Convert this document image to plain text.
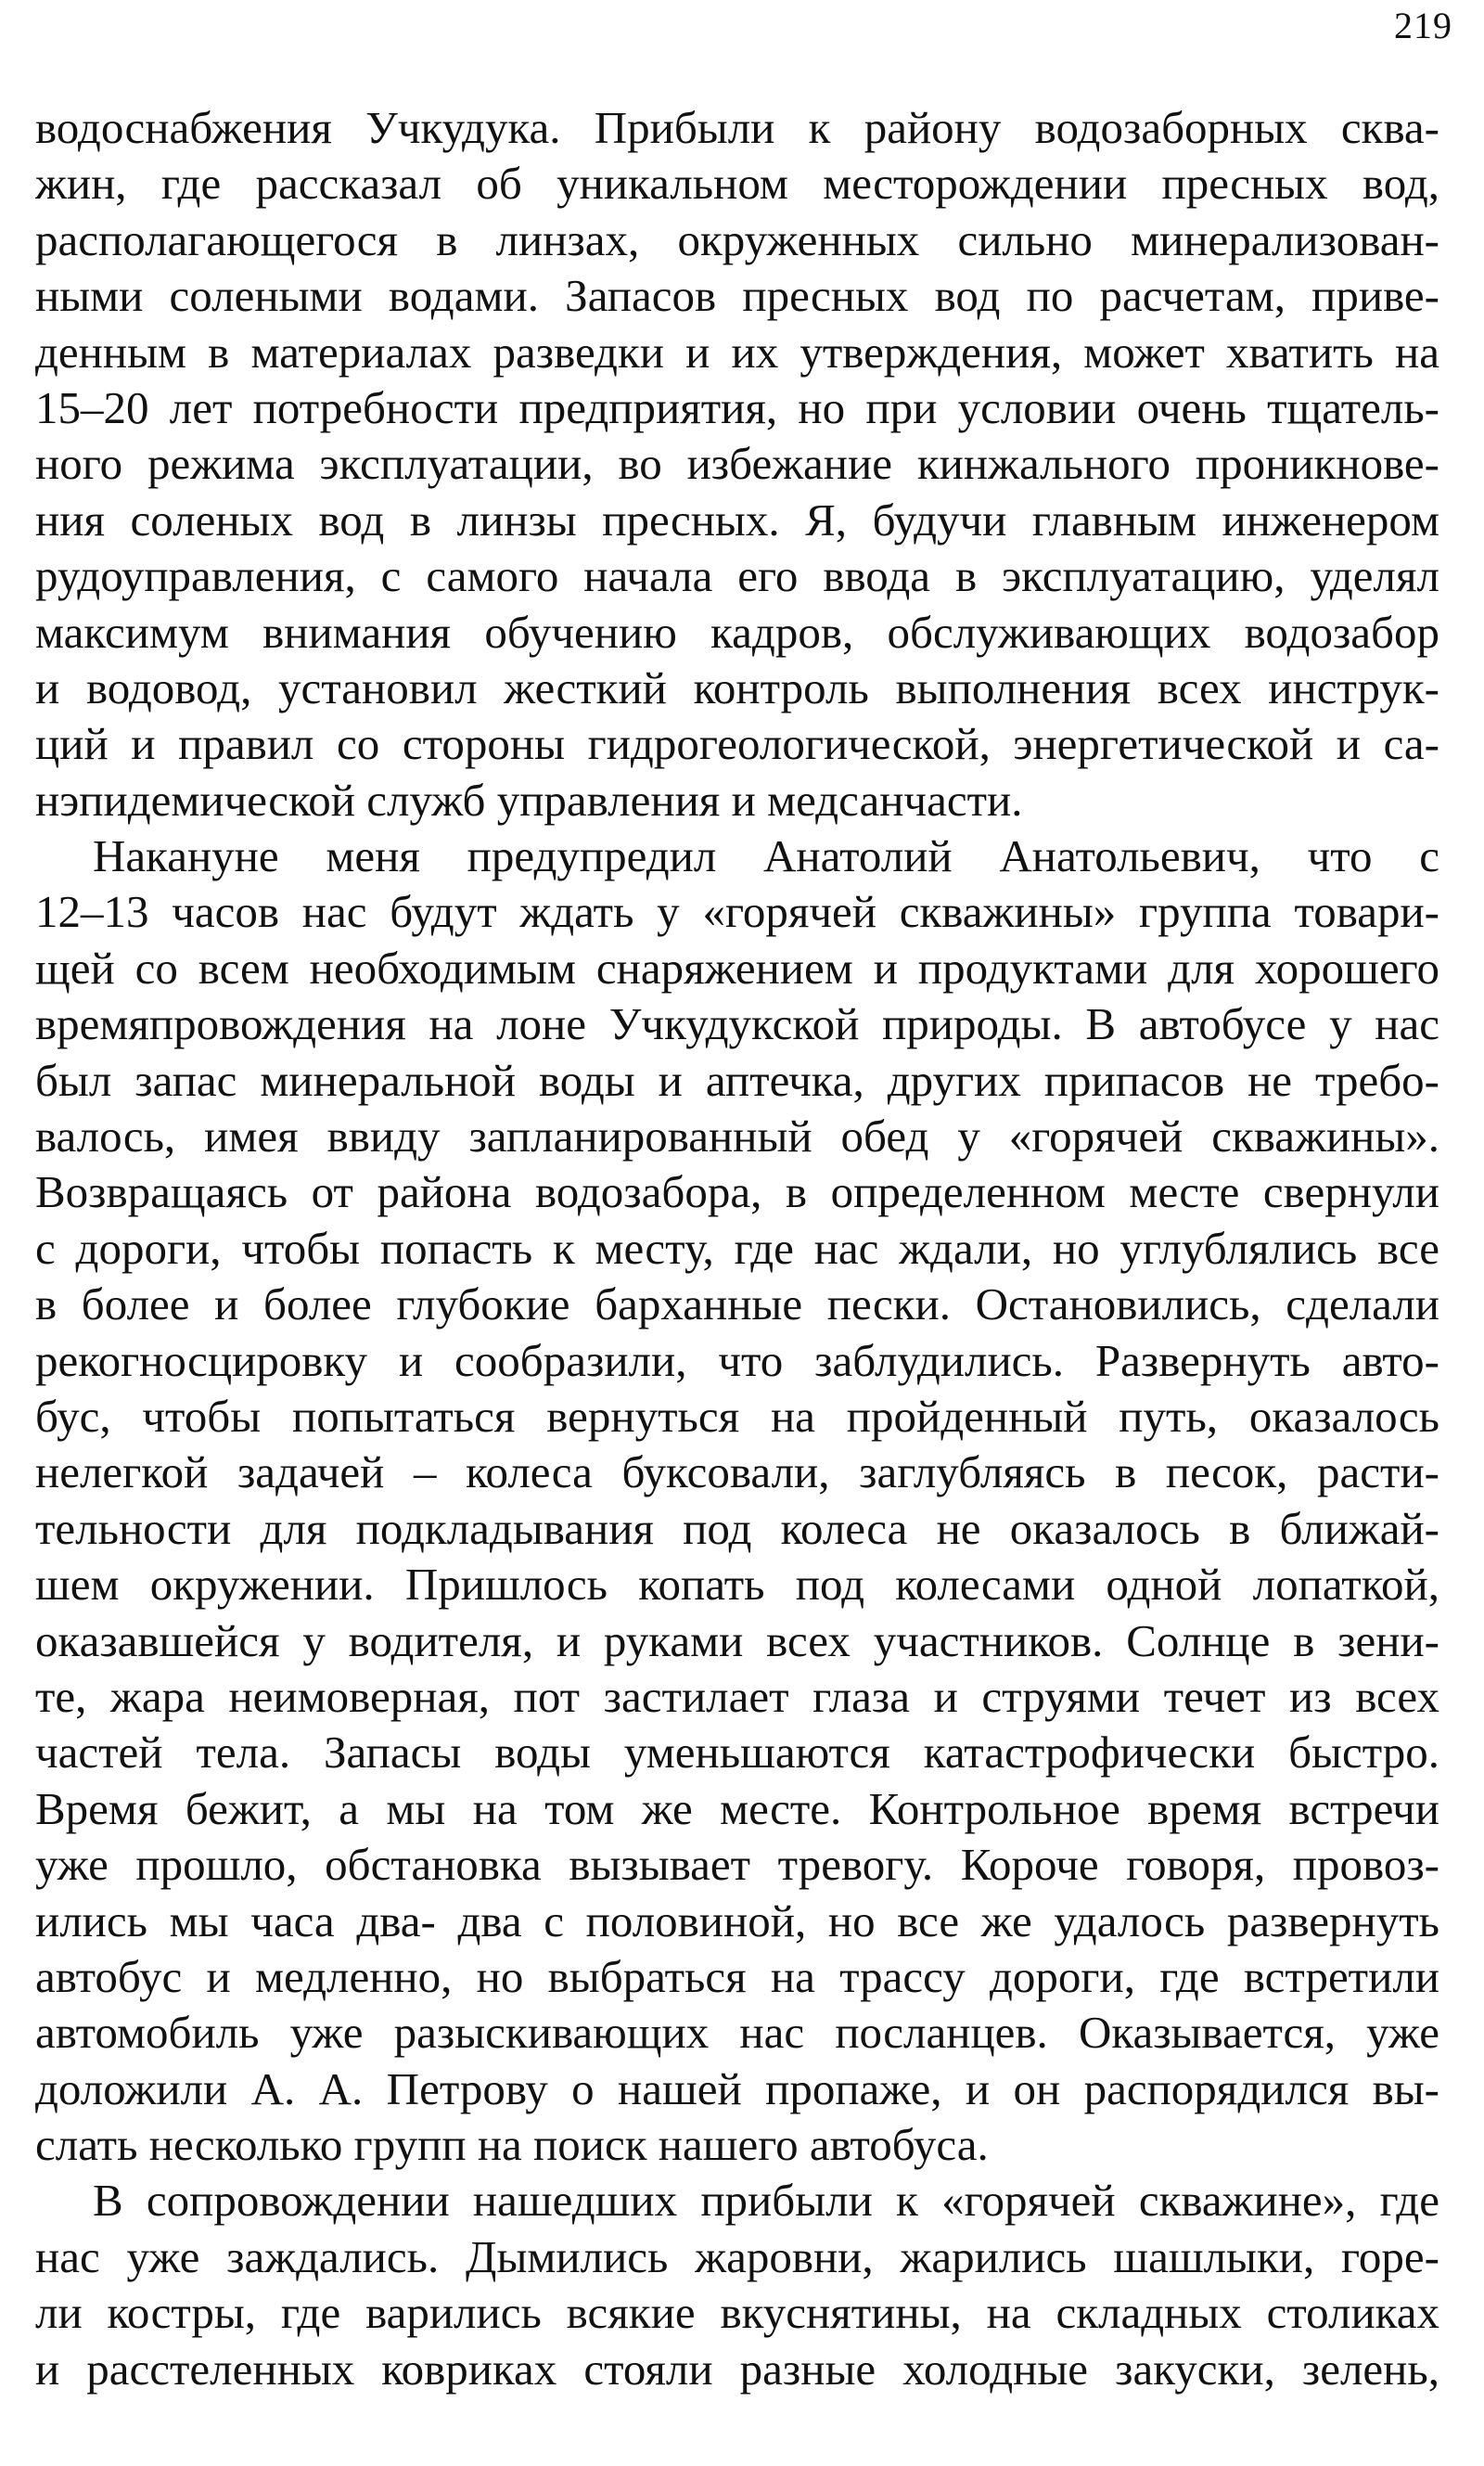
219
водоснабжения Учкудука. Прибыли к району водозаборных сква-
жин, где рассказал об уникальном месторождении пресных вод,
располагающегося в линзах, окруженных сильно минерализован-
ными солеными водами. Запасов пресных вод по расчетам, приве-
денным в материалах разведки и их утверждения, может хватить на
15–20 лет потребности предприятия, но при условии очень тщатель-
ного режима эксплуатации, во избежание кинжального проникнове-
ния соленых вод в линзы пресных. Я, будучи главным инженером
рудоуправления, с самого начала его ввода в эксплуатацию, уделял
максимум внимания обучению кадров, обслуживающих водозабор
и водовод, установил жесткий контроль выполнения всех инструк-
ций и правил со стороны гидрогеологической, энергетической и са-
нэпидемической служб управления и медсанчасти.
Накануне меня предупредил Анатолий Анатольевич, что с
12–13 часов нас будут ждать у «горячей скважины» группа товари-
щей со всем необходимым снаряжением и продуктами для хорошего
времяпровождения на лоне Учкудукской природы. В автобусе у нас
был запас минеральной воды и аптечка, других припасов не требо-
валось, имея ввиду запланированный обед у «горячей скважины».
Возвращаясь от района водозабора, в определенном месте свернули
с дороги, чтобы попасть к месту, где нас ждали, но углублялись все
в более и более глубокие барханные пески. Остановились, сделали
рекогносцировку и сообразили, что заблудились. Развернуть авто-
бус, чтобы попытаться вернуться на пройденный путь, оказалось
нелегкой задачей – колеса буксовали, заглубляясь в песок, расти-
тельности для подкладывания под колеса не оказалось в ближай-
шем окружении. Пришлось копать под колесами одной лопаткой,
оказавшейся у водителя, и руками всех участников. Солнце в зени-
те, жара неимоверная, пот застилает глаза и струями течет из всех
частей тела. Запасы воды уменьшаются катастрофически быстро.
Время бежит, а мы на том же месте. Контрольное время встречи
уже прошло, обстановка вызывает тревогу. Короче говоря, провоз-
ились мы часа два- два с половиной, но все же удалось развернуть
автобус и медленно, но выбраться на трассу дороги, где встретили
автомобиль уже разыскивающих нас посланцев. Оказывается, уже
доложили А. А. Петрову о нашей пропаже, и он распорядился вы-
слать несколько групп на поиск нашего автобуса.
В сопровождении нашедших прибыли к «горячей скважине», где
нас уже заждались. Дымились жаровни, жарились шашлыки, горе-
ли костры, где варились всякие вкуснятины, на складных столиках
и расстеленных ковриках стояли разные холодные закуски, зелень,
